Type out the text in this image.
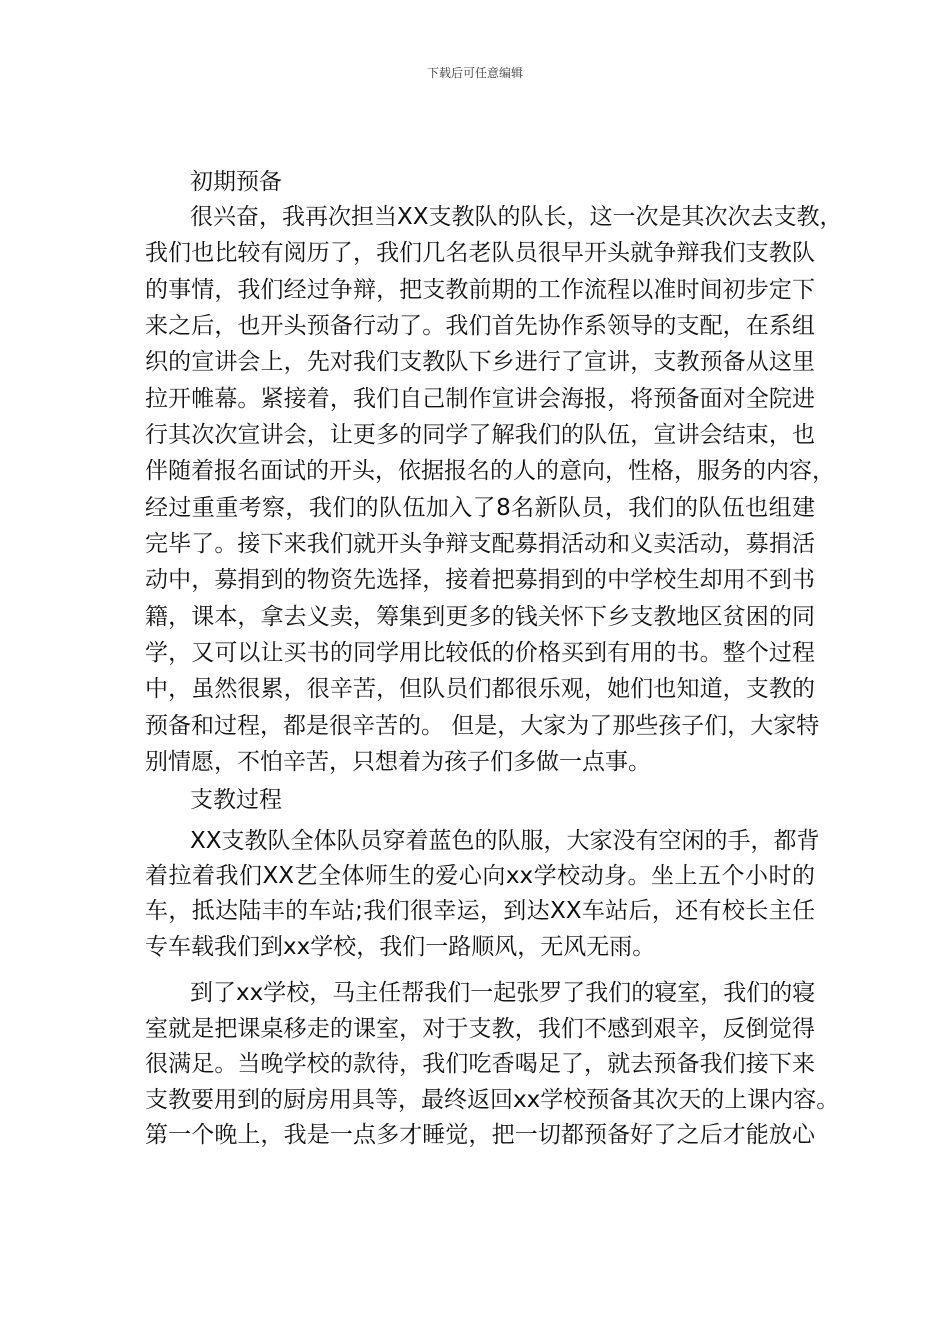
下载后可任意编辑
初期预备
很兴奋，我再次担当XX支教队的队长，这一次是其次次去支教，
我们也比较有阅历了，我们几名老队员很早开头就争辩我们支教队
的事情，我们经过争辩，把支教前期的工作流程以准时间初步定下
来之后，也开头预备行动了。我们首先协作系领导的支配，在系组
织的宣讲会上，先对我们支教队下乡进行了宣讲，支教预备从这里
拉开帷幕。紧接着，我们自己制作宣讲会海报，将预备面对全院进
行其次次宣讲会，让更多的同学了解我们的队伍，宣讲会结束，也
伴随着报名面试的开头，依据报名的人的意向，性格，服务的内容，
经过重重考察，我们的队伍加入了8名新队员，我们的队伍也组建
完毕了。接下来我们就开头争辩支配募捐活动和义卖活动，募捐活
动中，募捐到的物资先选择，接着把募捐到的中学校生却用不到书
籍，课本，拿去义卖，筹集到更多的钱关怀下乡支教地区贫困的同
学，又可以让买书的同学用比较低的价格买到有用的书。整个过程
中，虽然很累，很辛苦，但队员们都很乐观，她们也知道，支教的
预备和过程，都是很辛苦的。 但是，大家为了那些孩子们，大家特
别情愿，不怕辛苦，只想着为孩子们多做一点事。
支教过程
XX支教队全体队员穿着蓝色的队服，大家没有空闲的手，都背
着拉着我们XX艺全体师生的爱心向xx学校动身。坐上五个小时的
车，抵达陆丰的车站;我们很幸运，到达XX车站后，还有校长主任
专车载我们到xx学校，我们一路顺风，无风无雨。
到了xx学校，马主任帮我们一起张罗了我们的寝室，我们的寝
室就是把课桌移走的课室，对于支教，我们不感到艰辛，反倒觉得
很满足。当晚学校的款待，我们吃香喝足了，就去预备我们接下来
支教要用到的厨房用具等，最终返回xx学校预备其次天的上课内容。
第一个晚上，我是一点多才睡觉，把一切都预备好了之后才能放心
